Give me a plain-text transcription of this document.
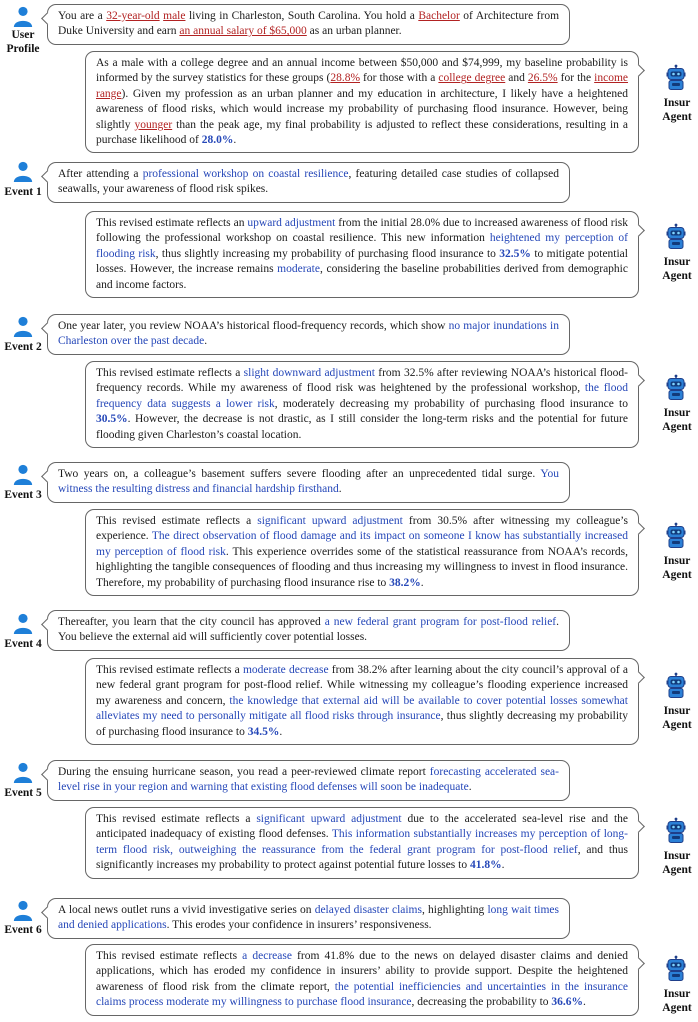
User
Profile
You are a 32-year-old male living in Charleston, South Carolina. You hold a Bachelor of Architecture from Duke University and earn an annual salary of $65,000 as an urban planner.
As a male with a college degree and an annual income between $50,000 and $74,999, my baseline probability is informed by the survey statistics for these groups (28.8% for those with a college degree and 26.5% for the income range). Given my profession as an urban planner and my education in architecture, I likely have a heightened awareness of flood risks, which would increase my probability of purchasing flood insurance. However, being slightly younger than the peak age, my final probability is adjusted to reflect these considerations, resulting in a purchase likelihood of 28.0%.
Insur
Agent
Event 1
After attending a professional workshop on coastal resilience, featuring detailed case studies of collapsed seawalls, your awareness of flood risk spikes.
This revised estimate reflects an upward adjustment from the initial 28.0% due to increased awareness of flood risk following the professional workshop on coastal resilience. This new information heightened my perception of flooding risk, thus slightly increasing my probability of purchasing flood insurance to 32.5% to mitigate potential losses. However, the increase remains moderate, considering the baseline probabilities derived from demographic and income factors.
Insur
Agent
Event 2
One year later, you review NOAA’s historical flood-frequency records, which show no major inundations in Charleston over the past decade.
This revised estimate reflects a slight downward adjustment from 32.5% after reviewing NOAA’s historical flood-frequency records. While my awareness of flood risk was heightened by the professional workshop, the flood frequency data suggests a lower risk, moderately decreasing my probability of purchasing flood insurance to 30.5%. However, the decrease is not drastic, as I still consider the long-term risks and the potential for future flooding given Charleston’s coastal location.
Insur
Agent
Event 3
Two years on, a colleague’s basement suffers severe flooding after an unprecedented tidal surge. You witness the resulting distress and financial hardship firsthand.
This revised estimate reflects a significant upward adjustment from 30.5% after witnessing my colleague’s experience. The direct observation of flood damage and its impact on someone I know has substantially increased my perception of flood risk. This experience overrides some of the statistical reassurance from NOAA’s records, highlighting the tangible consequences of flooding and thus increasing my willingness to invest in flood insurance. Therefore, my probability of purchasing flood insurance rise to 38.2%.
Insur
Agent
Event 4
Thereafter, you learn that the city council has approved a new federal grant program for post-flood relief. You believe the external aid will sufficiently cover potential losses.
This revised estimate reflects a moderate decrease from 38.2% after learning about the city council’s approval of a new federal grant program for post-flood relief. While witnessing my colleague’s flooding experience increased my awareness and concern, the knowledge that external aid will be available to cover potential losses somewhat alleviates my need to personally mitigate all flood risks through insurance, thus slightly decreasing my probability of purchasing flood insurance to 34.5%.
Insur
Agent
Event 5
During the ensuing hurricane season, you read a peer-reviewed climate report forecasting accelerated sea-level rise in your region and warning that existing flood defenses will soon be inadequate.
This revised estimate reflects a significant upward adjustment due to the accelerated sea-level rise and the anticipated inadequacy of existing flood defenses. This information substantially increases my perception of long-term flood risk, outweighing the reassurance from the federal grant program for post-flood relief, and thus significantly increases my probability to protect against potential future losses to 41.8%.
Insur
Agent
Event 6
A local news outlet runs a vivid investigative series on delayed disaster claims, highlighting long wait times and denied applications. This erodes your confidence in insurers’ responsiveness.
This revised estimate reflects a decrease from 41.8% due to the news on delayed disaster claims and denied applications, which has eroded my confidence in insurers’ ability to provide support. Despite the heightened awareness of flood risk from the climate report, the potential inefficiencies and uncertainties in the insurance claims process moderate my willingness to purchase flood insurance, decreasing the probability to 36.6%.
Insur
Agent
